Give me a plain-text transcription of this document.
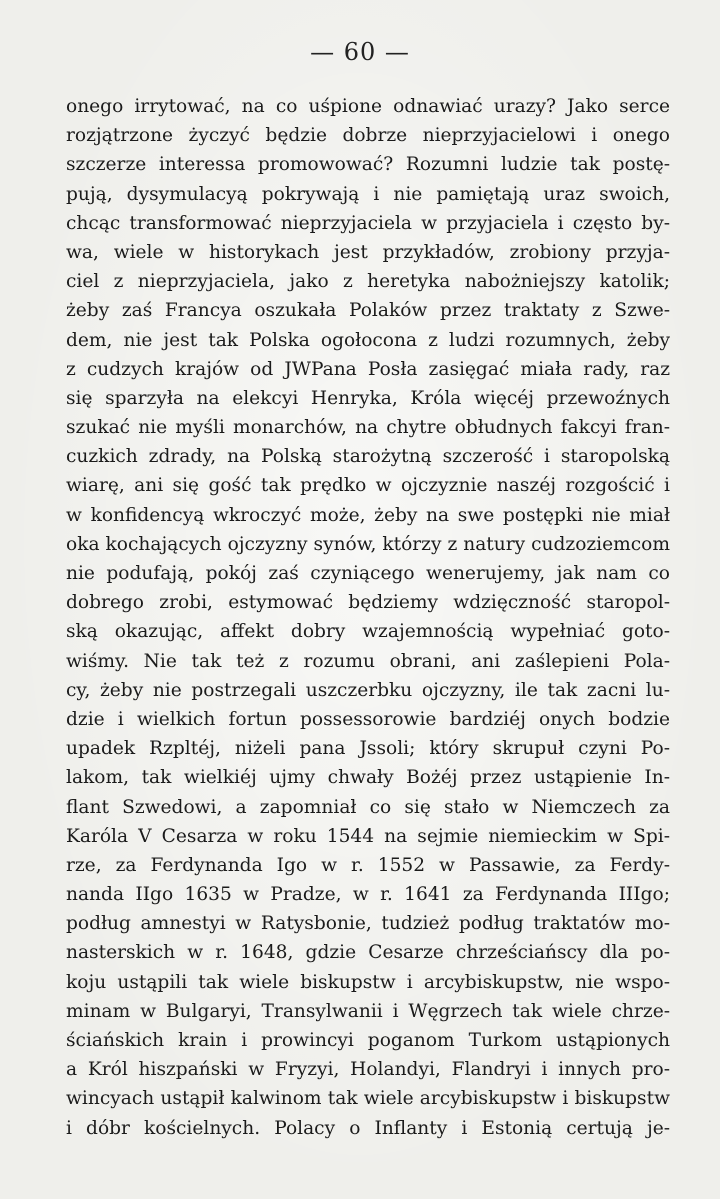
— 60 —
onego irrytować, na co uśpione odnawiać urazy? Jako serce
rozjątrzone życzyć będzie dobrze nieprzyjacielowi i onego
szczerze interessa promowować? Rozumni ludzie tak postę-
pują, dysymulacyą pokrywają i nie pamiętają uraz swoich,
chcąc transformować nieprzyjaciela w przyjaciela i często by-
wa, wiele w historykach jest przykładów, zrobiony przyja-
ciel z nieprzyjaciela, jako z heretyka nabożniejszy katolik;
żeby zaś Francya oszukała Polaków przez traktaty z Szwe-
dem, nie jest tak Polska ogołocona z ludzi rozumnych, żeby
z cudzych krajów od JWPana Posła zasięgać miała rady, raz
się sparzyła na elekcyi Henryka, Króla więcéj przewoźnych
szukać nie myśli monarchów, na chytre obłudnych fakcyi fran-
cuzkich zdrady, na Polską starożytną szczerość i staropolską
wiarę, ani się gość tak prędko w ojczyznie naszéj rozgościć i
w konfidencyą wkroczyć może, żeby na swe postępki nie miał
oka kochających ojczyzny synów, którzy z natury cudzoziemcom
nie podufają, pokój zaś czyniącego wenerujemy, jak nam co
dobrego zrobi, estymować będziemy wdzięczność staropol-
ską okazując, affekt dobry wzajemnością wypełniać goto-
wiśmy. Nie tak też z rozumu obrani, ani zaślepieni Pola-
cy, żeby nie postrzegali uszczerbku ojczyzny, ile tak zacni lu-
dzie i wielkich fortun possessorowie bardziéj onych bodzie
upadek Rzpltéj, niżeli pana Jssoli; który skrupuł czyni Po-
lakom, tak wielkiéj ujmy chwały Bożéj przez ustąpienie In-
flant Szwedowi, a zapomniał co się stało w Niemczech za
Karóla V Cesarza w roku 1544 na sejmie niemieckim w Spi-
rze, za Ferdynanda Igo w r. 1552 w Passawie, za Ferdy-
nanda IIgo 1635 w Pradze, w r. 1641 za Ferdynanda IIIgo;
podług amnestyi w Ratysbonie, tudzież podług traktatów mo-
nasterskich w r. 1648, gdzie Cesarze chrześciańscy dla po-
koju ustąpili tak wiele biskupstw i arcybiskupstw, nie wspo-
minam w Bulgaryi, Transylwanii i Węgrzech tak wiele chrze-
ściańskich krain i prowincyi poganom Turkom ustąpionych
a Król hiszpański w Fryzyi, Holandyi, Flandryi i innych pro-
wincyach ustąpił kalwinom tak wiele arcybiskupstw i biskupstw
i dóbr kościelnych. Polacy o Inflanty i Estonią certują je-
